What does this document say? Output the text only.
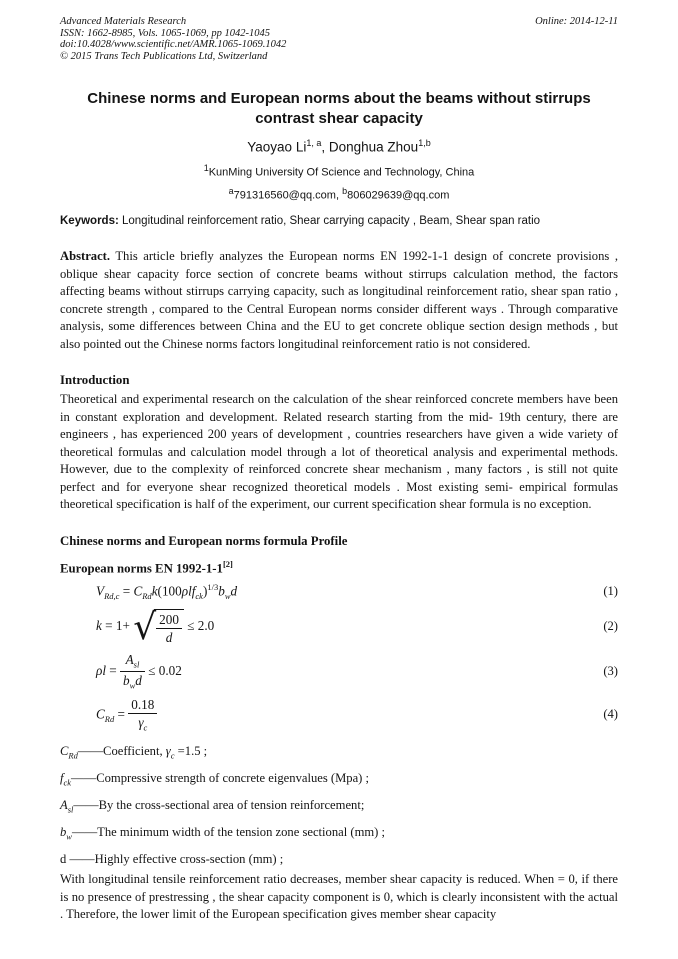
Advanced Materials Research
ISSN: 1662-8985, Vols. 1065-1069, pp 1042-1045
doi:10.4028/www.scientific.net/AMR.1065-1069.1042
© 2015 Trans Tech Publications Ltd, Switzerland
Online: 2014-12-11
Chinese norms and European norms about the beams without stirrups contrast shear capacity
Yaoyao Li$^{1, a}$, Donghua Zhou$^{1,b}$
$^1$KunMing University Of Science and Technology, China
$^a$791316560@qq.com, $^b$806029639@qq.com
Keywords: Longitudinal reinforcement ratio, Shear carrying capacity , Beam, Shear span ratio

Abstract. This article briefly analyzes the European norms EN 1992-1-1 design of concrete provisions , oblique shear capacity force section of concrete beams without stirrups calculation method, the factors affecting beams without stirrups carrying capacity, such as longitudinal reinforcement ratio, shear span ratio , concrete strength , compared to the Central European norms consider different ways . Through comparative analysis, some differences between China and the EU to get concrete oblique section design methods , but also pointed out the Chinese norms factors longitudinal reinforcement ratio is not considered.

Introduction

Theoretical and experimental research on the calculation of the shear reinforced concrete members have been in constant exploration and development. Related research starting from the mid- 19th century, there are engineers , has experienced 200 years of development , countries researchers have given a wide variety of theoretical formulas and calculation model through a lot of theoretical analysis and experimental methods. However, due to the complexity of reinforced concrete shear mechanism , many factors , is still not quite perfect and for everyone shear recognized theoretical models . Most existing semi- empirical formulas theoretical specification is half of the experiment, our current specification shear formula is no exception.

Chinese norms and European norms formula Profile
European norms EN 1992-1-1[2]
$V_{Rd,c} = C_{Rd}k(100\rho lf_{ck})^{1/3}b_wd$	(1)
k = 1+ √ $\frac{200}{d} \le 2.0$	(2)
$\rho l = \frac{A_{sl}}{b_wd} \le 0.02$	(3)
$C_{Rd} = \frac{0.18}{\gamma_c}$	(4)
$C_{Rd}——Coefficient$, $\gamma_c =1.5$ ;
$f_{ck}——Compressive$ strength of concrete eigenvalues (Mpa) ;
$A_{sl}——By$ the cross-sectional area of tension reinforcement;
$b_w——The$ minimum width of the tension zone sectional (mm) ;
d ——Highly effective cross-section (mm) ;

With longitudinal tensile reinforcement ratio decreases, member shear capacity is reduced. When = 0, if there is no presence of prestressing , the shear capacity component is 0, which is clearly inconsistent with the actual . Therefore, the lower limit of the European specification gives member shear capacity
